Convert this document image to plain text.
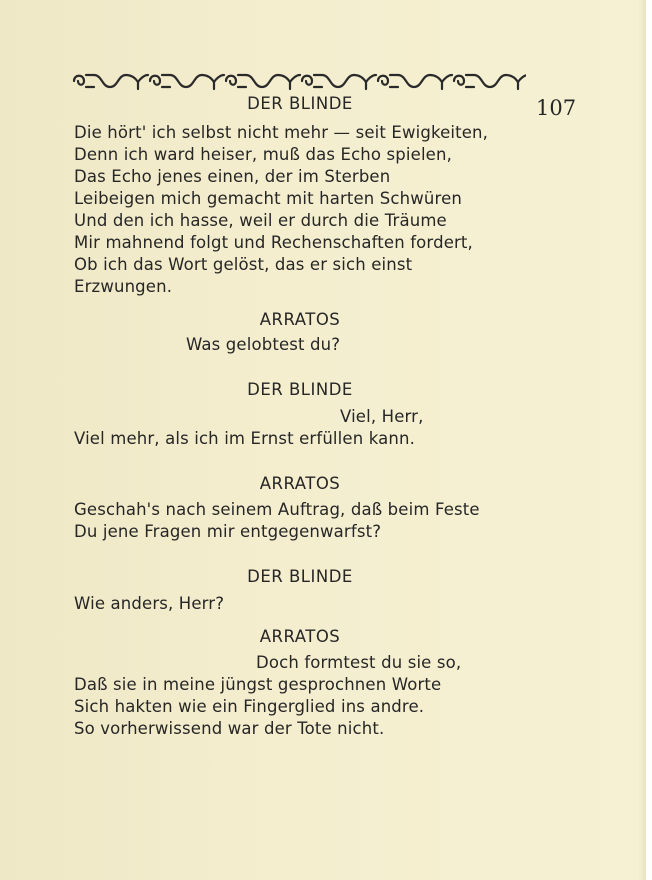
DER BLINDE	107
Die hört' ich selbst nicht mehr — seit Ewigkeiten,
Denn ich ward heiser, muß das Echo spielen,
Das Echo jenes einen, der im Sterben
Leibeigen mich gemacht mit harten Schwüren
Und den ich hasse, weil er durch die Träume
Mir mahnend folgt und Rechenschaften fordert,
Ob ich das Wort gelöst, das er sich einst
Erzwungen.
ARRATOS
Was gelobtest du?
DER BLINDE
Viel, Herr,
Viel mehr, als ich im Ernst erfüllen kann.
ARRATOS
Geschah's nach seinem Auftrag, daß beim Feste
Du jene Fragen mir entgegenwarfst?
DER BLINDE
Wie anders, Herr?
ARRATOS
Doch formtest du sie so,
Daß sie in meine jüngst gesprochnen Worte
Sich hakten wie ein Fingerglied ins andre.
So vorherwissend war der Tote nicht.
